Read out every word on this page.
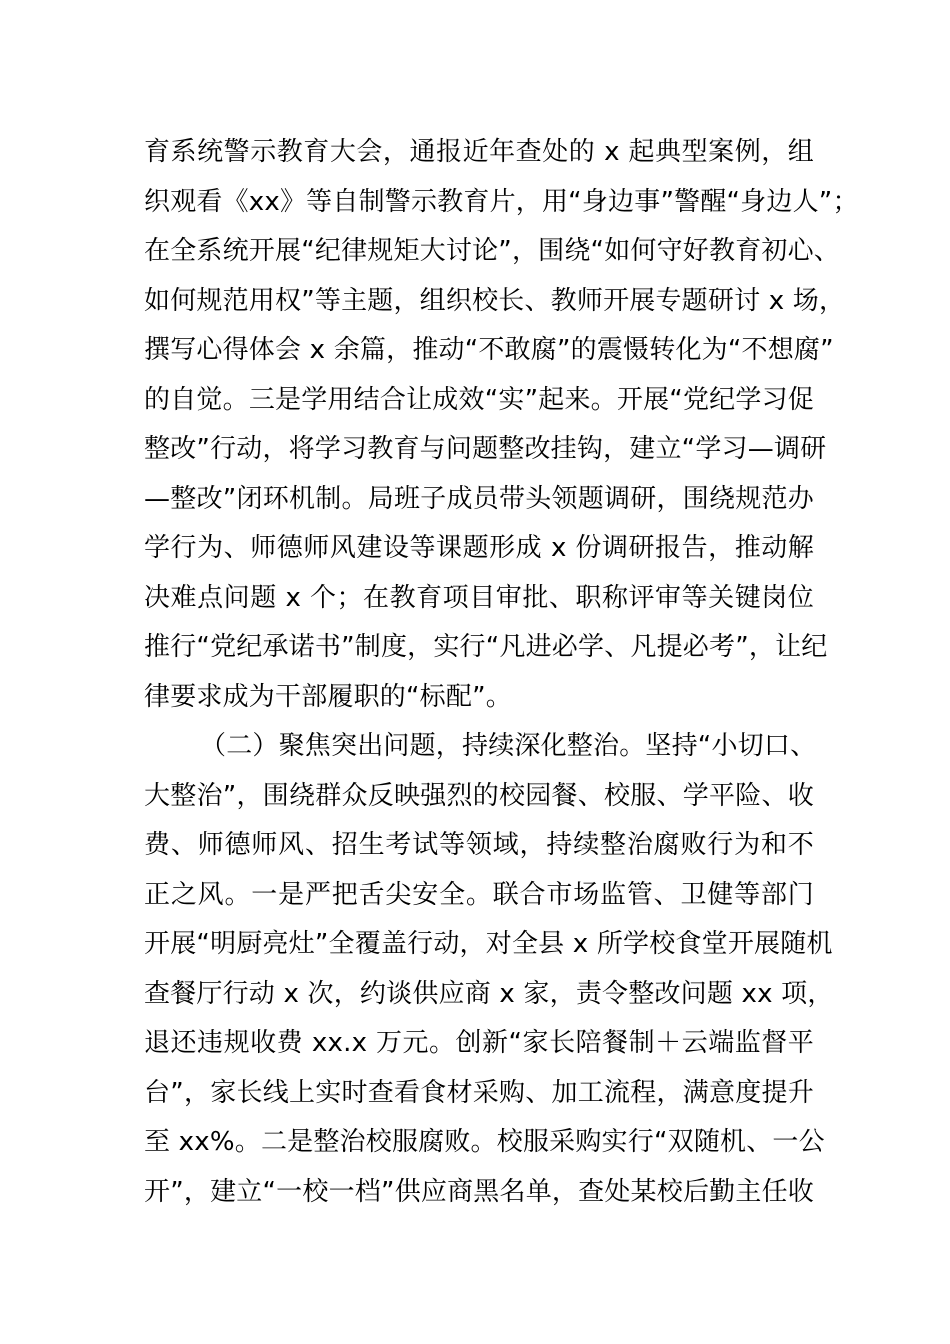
育系统警示教育大会，通报近年查处的 x 起典型案例，组
织观看《xx》等自制警示教育片，用“身边事”警醒“身边人”；
在全系统开展“纪律规矩大讨论”，围绕“如何守好教育初心、
如何规范用权”等主题，组织校长、教师开展专题研讨 x 场，
撰写心得体会 x 余篇，推动“不敢腐”的震慑转化为“不想腐”
的自觉。三是学用结合让成效“实”起来。开展“党纪学习促
整改”行动，将学习教育与问题整改挂钩，建立“学习—调研
—整改”闭环机制。局班子成员带头领题调研，围绕规范办
学行为、师德师风建设等课题形成 x 份调研报告，推动解
决难点问题 x 个；在教育项目审批、职称评审等关键岗位
推行“党纪承诺书”制度，实行“凡进必学、凡提必考”，让纪
律要求成为干部履职的“标配”。
（二）聚焦突出问题，持续深化整治。坚持“小切口、
大整治”，围绕群众反映强烈的校园餐、校服、学平险、收
费、师德师风、招生考试等领域，持续整治腐败行为和不
正之风。一是严把舌尖安全。联合市场监管、卫健等部门
开展“明厨亮灶”全覆盖行动，对全县 x 所学校食堂开展随机
查餐厅行动 x 次，约谈供应商 x 家，责令整改问题 xx 项，
退还违规收费 xx.x 万元。创新“家长陪餐制＋云端监督平
台”，家长线上实时查看食材采购、加工流程，满意度提升
至 xx%。二是整治校服腐败。校服采购实行“双随机、一公
开”，建立“一校一档”供应商黑名单，查处某校后勤主任收
